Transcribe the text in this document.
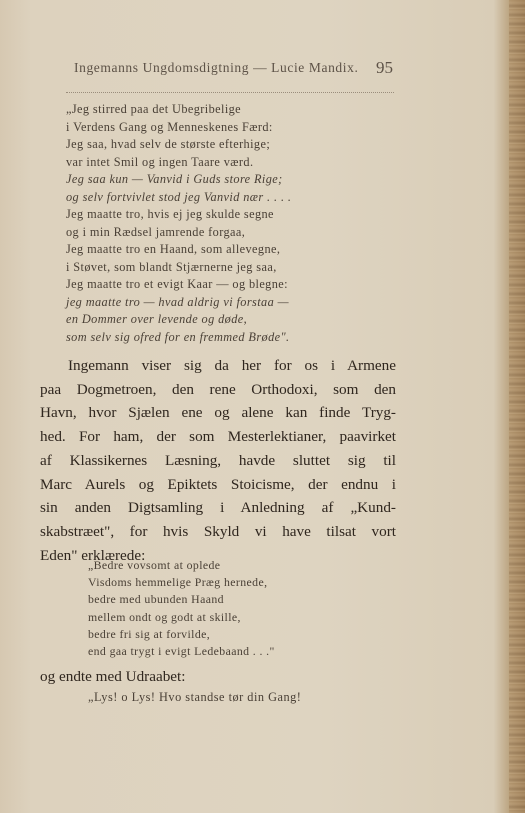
Ingemanns Ungdomsdigtning — Lucie Mandix.	95
„Jeg stirred paa det Ubegribelige
i Verdens Gang og Menneskenes Færd:
Jeg saa, hvad selv de største efterhige;
var intet Smil og ingen Taare værd.
Jeg saa kun — Vanvid i Guds store Rige;
og selv fortvivlet stod jeg Vanvid nær . . . .
Jeg maatte tro, hvis ej jeg skulde segne
og i min Rædsel jamrende forgaa,
Jeg maatte tro en Haand, som allevegne,
i Støvet, som blandt Stjærnerne jeg saa,
Jeg maatte tro et evigt Kaar — og blegne:
jeg maatte tro — hvad aldrig vi forstaa —
en Dommer over levende og døde,
som selv sig ofred for en fremmed Brøde".
Ingemann viser sig da her for os i Armene
paa Dogmetroen, den rene Orthodoxi, som den
Havn, hvor Sjælen ene og alene kan finde Tryg-
hed. For ham, der som Mesterlektianer, paavirket
af Klassikernes Læsning, havde sluttet sig til
Marc Aurels og Epiktets Stoicisme, der endnu i
sin anden Digtsamling i Anledning af „Kund-
skabstræet", for hvis Skyld vi have tilsat vort
Eden" erklærede:
„Bedre vovsomt at oplede
Visdoms hemmelige Præg hernede,
bedre med ubunden Haand
mellem ondt og godt at skille,
bedre fri sig at forvilde,
end gaa trygt i evigt Ledebaand . . ."
og endte med Udraabet:
„Lys! o Lys! Hvo standse tør din Gang!
